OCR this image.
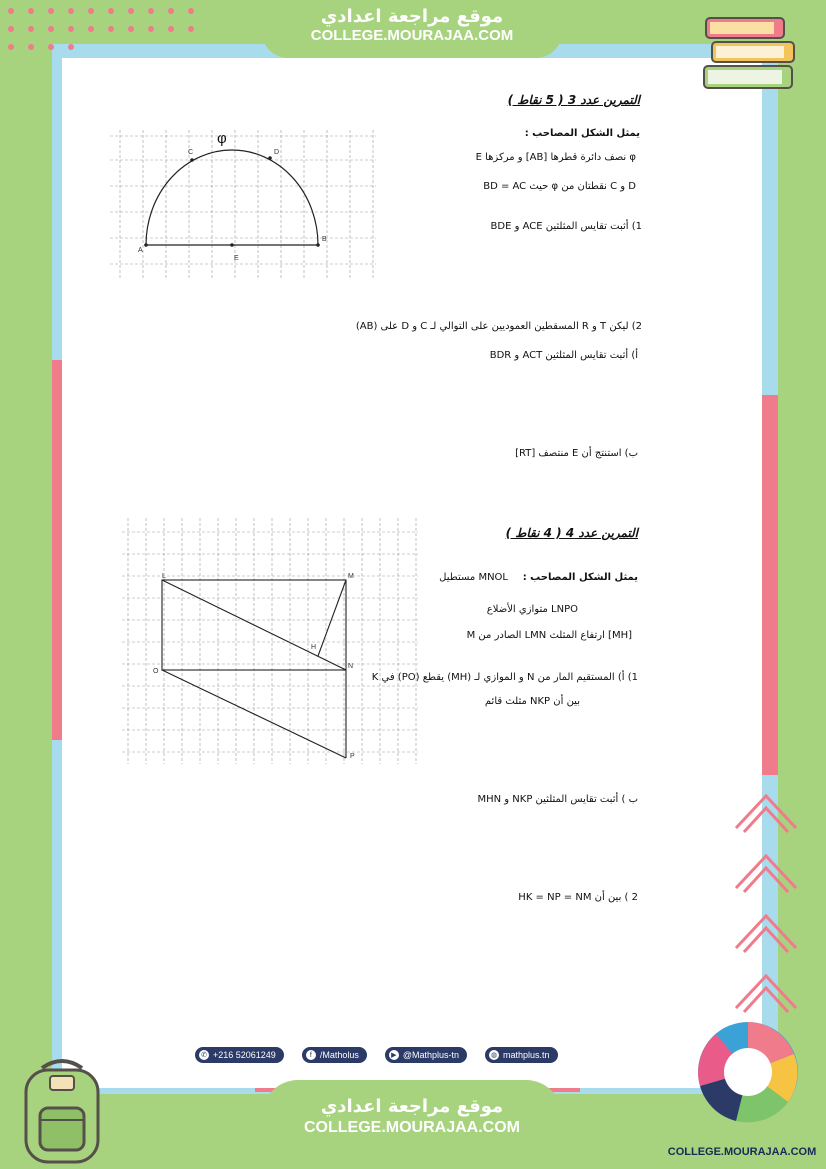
موقع مراجعة اعدادي
COLLEGE.MOURAJAA.COM
COLLEGE.MOURAJAA.COM
موقع مراجعة اعدادي
COLLEGE.MOURAJAA.COM
التمرين عدد 3 ( 5 نقاط )
يمثل الشكل المصاحب :
φ نصف دائرة قطرها [AB] و مركزها E
D و C نقطتان من φ حيث BD = AC
1) أثبت تقايس المثلثين ACE و BDE
2) ليكن T و R المسقطين العموديين على التوالي لـ C و D على (AB)
أ) أثبت تقايس المثلثين ACT و BDR
ب) استنتج أن E منتصف [RT]
φ
A
B
C	D
E
التمرين عدد 4 ( 4 نقاط )
يمثل الشكل المصاحب :
MNOL مستطيل
LNPO متوازي الأضلاع
[MH] ارتفاع المثلث LMN الصادر من M
1) أ) المستقيم المار من N و الموازي لـ (MH) يقطع (PO) في K
بين أن NKP مثلث قائم
ب ) أثبت تقايس المثلثين NKP و MHN
2 ) بين أن HK = NP = NM
L	M
N
O
P
H
✆ +216 52061249	f /Matholus	▶ @Mathplus-tn	◍ mathplus.tn
